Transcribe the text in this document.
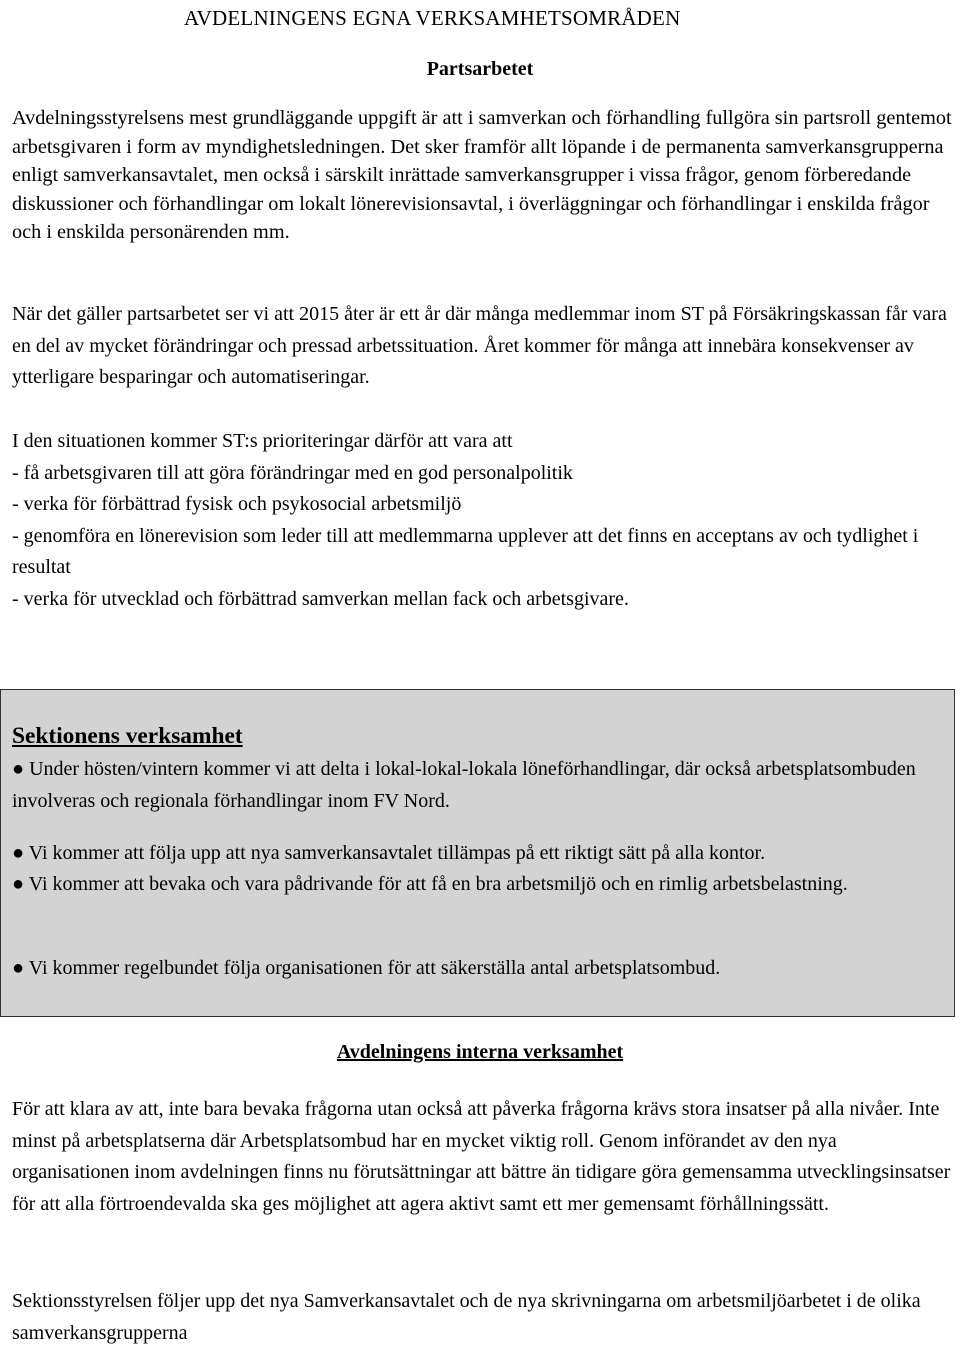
AVDELNINGENS EGNA VERKSAMHETSOMRÅDEN
Partsarbetet

Avdelningsstyrelsens mest grundläggande uppgift är att i samverkan och förhandling fullgöra sin partsroll gentemot arbetsgivaren i form av myndighetsledningen. Det sker framför allt löpande i de permanenta samverkansgrupperna enligt samverkansavtalet, men också i särskilt inrättade samverkansgrupper i vissa frågor, genom förberedande diskussioner och förhandlingar om lokalt lönerevisionsavtal, i överläggningar och förhandlingar i enskilda frågor och i enskilda personärenden mm.

När det gäller partsarbetet ser vi att 2015 åter är ett år där många medlemmar inom ST på Försäkringskassan får vara en del av mycket förändringar och pressad arbetssituation. Året kommer för många att innebära konsekvenser av ytterligare besparingar och automatiseringar.

I den situationen kommer ST:s prioriteringar därför att vara att
- få arbetsgivaren till att göra förändringar med en god personalpolitik
- verka för förbättrad fysisk och psykosocial arbetsmiljö
- genomföra en lönerevision som leder till att medlemmarna upplever att det finns en acceptans av och tydlighet i resultat
- verka för utvecklad och förbättrad samverkan mellan fack och arbetsgivare.
Sektionens verksamhet

● Under hösten/vintern kommer vi att delta i lokal-lokal-lokala löneförhandlingar, där också arbetsplatsombuden involveras och regionala förhandlingar inom FV Nord.

● Vi kommer att följa upp att nya samverkansavtalet tillämpas på ett riktigt sätt på alla kontor.

● Vi kommer att bevaka och vara pådrivande för att få en bra arbetsmiljö och en rimlig arbetsbelastning.

● Vi kommer regelbundet följa organisationen för att säkerställa antal arbetsplatsombud.

Avdelningens interna verksamhet

För att klara av att, inte bara bevaka frågorna utan också att påverka frågorna krävs stora insatser på alla nivåer. Inte minst på arbetsplatserna där Arbetsplatsombud har en mycket viktig roll. Genom införandet av den nya organisationen inom avdelningen finns nu förutsättningar att bättre än tidigare göra gemensamma utvecklingsinsatser för att alla förtroendevalda ska ges möjlighet att agera aktivt samt ett mer gemensamt förhållningssätt.

Sektionsstyrelsen följer upp det nya Samverkansavtalet och de nya skrivningarna om arbetsmiljöarbetet i de olika samverkansgrupperna
